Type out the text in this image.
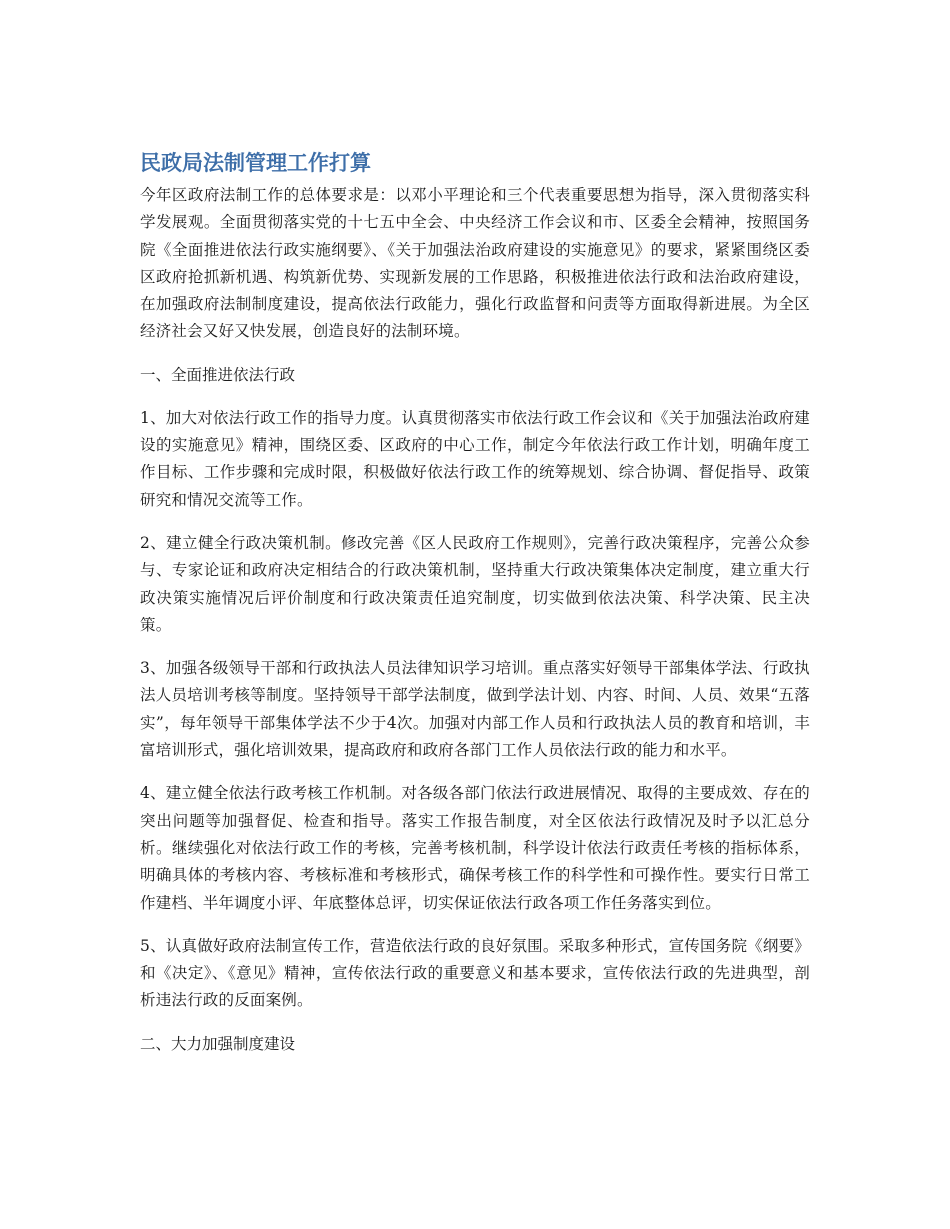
民政局法制管理工作打算

今年区政府法制工作的总体要求是：以邓小平理论和三个代表重要思想为指导，深入贯彻落实科学发展观。全面贯彻落实党的十七五中全会、中央经济工作会议和市、区委全会精神，按照国务院《全面推进依法行政实施纲要》、《关于加强法治政府建设的实施意见》的要求，紧紧围绕区委区政府抢抓新机遇、构筑新优势、实现新发展的工作思路，积极推进依法行政和法治政府建设，在加强政府法制制度建设，提高依法行政能力，强化行政监督和问责等方面取得新进展。为全区经济社会又好又快发展，创造良好的法制环境。

一、全面推进依法行政

1、加大对依法行政工作的指导力度。认真贯彻落实市依法行政工作会议和《关于加强法治政府建设的实施意见》精神，围绕区委、区政府的中心工作，制定今年依法行政工作计划，明确年度工作目标、工作步骤和完成时限，积极做好依法行政工作的统筹规划、综合协调、督促指导、政策研究和情况交流等工作。

2、建立健全行政决策机制。修改完善《区人民政府工作规则》，完善行政决策程序，完善公众参与、专家论证和政府决定相结合的行政决策机制，坚持重大行政决策集体决定制度，建立重大行政决策实施情况后评价制度和行政决策责任追究制度，切实做到依法决策、科学决策、民主决策。

3、加强各级领导干部和行政执法人员法律知识学习培训。重点落实好领导干部集体学法、行政执法人员培训考核等制度。坚持领导干部学法制度，做到学法计划、内容、时间、人员、效果“五落实”，每年领导干部集体学法不少于4次。加强对内部工作人员和行政执法人员的教育和培训，丰富培训形式，强化培训效果，提高政府和政府各部门工作人员依法行政的能力和水平。

4、建立健全依法行政考核工作机制。对各级各部门依法行政进展情况、取得的主要成效、存在的突出问题等加强督促、检查和指导。落实工作报告制度，对全区依法行政情况及时予以汇总分析。继续强化对依法行政工作的考核，完善考核机制，科学设计依法行政责任考核的指标体系，明确具体的考核内容、考核标准和考核形式，确保考核工作的科学性和可操作性。要实行日常工作建档、半年调度小评、年底整体总评，切实保证依法行政各项工作任务落实到位。

5、认真做好政府法制宣传工作，营造依法行政的良好氛围。采取多种形式，宣传国务院《纲要》和《决定》、《意见》精神，宣传依法行政的重要意义和基本要求，宣传依法行政的先进典型，剖析违法行政的反面案例。

二、大力加强制度建设
